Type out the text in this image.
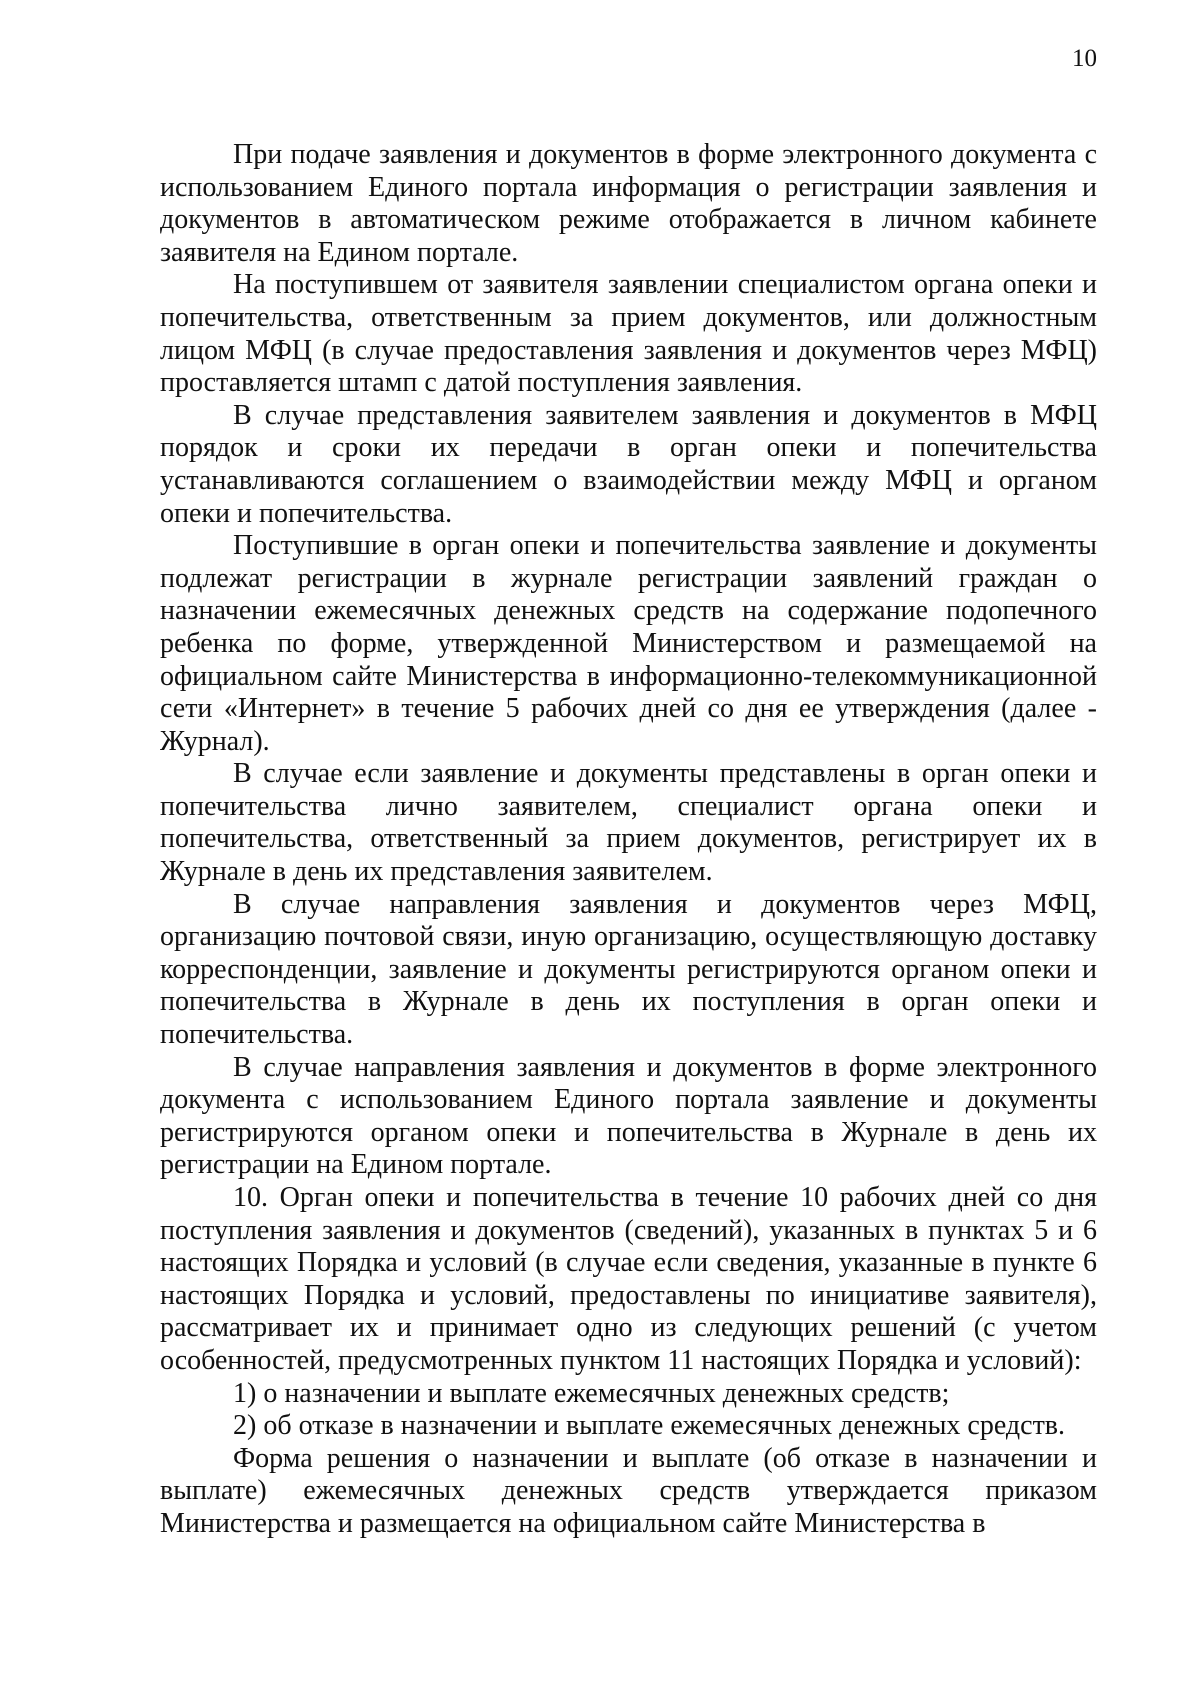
10

При подаче заявления и документов в форме электронного документа с использованием Единого портала информация о регистрации заявления и документов в автоматическом режиме отображается в личном кабинете заявителя на Едином портале.

На поступившем от заявителя заявлении специалистом органа опеки и попечительства, ответственным за прием документов, или должностным лицом МФЦ (в случае предоставления заявления и документов через МФЦ) проставляется штамп с датой поступления заявления.

В случае представления заявителем заявления и документов в МФЦ порядок и сроки их передачи в орган опеки и попечительства устанавливаются соглашением о взаимодействии между МФЦ и органом опеки и попечительства.

Поступившие в орган опеки и попечительства заявление и документы подлежат регистрации в журнале регистрации заявлений граждан о назначении ежемесячных денежных средств на содержание подопечного ребенка по форме, утвержденной Министерством и размещаемой на официальном сайте Министерства в информационно-телекоммуникационной сети «Интернет» в течение 5 рабочих дней со дня ее утверждения (далее - Журнал).

В случае если заявление и документы представлены в орган опеки и попечительства лично заявителем, специалист органа опеки и попечительства, ответственный за прием документов, регистрирует их в Журнале в день их представления заявителем.

В случае направления заявления и документов через МФЦ, организацию почтовой связи, иную организацию, осуществляющую доставку корреспонденции, заявление и документы регистрируются органом опеки и попечительства в Журнале в день их поступления в орган опеки и попечительства.

В случае направления заявления и документов в форме электронного документа с использованием Единого портала заявление и документы регистрируются органом опеки и попечительства в Журнале в день их регистрации на Едином портале.

10. Орган опеки и попечительства в течение 10 рабочих дней со дня поступления заявления и документов (сведений), указанных в пунктах 5 и 6 настоящих Порядка и условий (в случае если сведения, указанные в пункте 6 настоящих Порядка и условий, предоставлены по инициативе заявителя), рассматривает их и принимает одно из следующих решений (с учетом особенностей, предусмотренных пунктом 11 настоящих Порядка и условий):

1) о назначении и выплате ежемесячных денежных средств;

2) об отказе в назначении и выплате ежемесячных денежных средств.

Форма решения о назначении и выплате (об отказе в назначении и выплате) ежемесячных денежных средств утверждается приказом Министерства и размещается на официальном сайте Министерства в
